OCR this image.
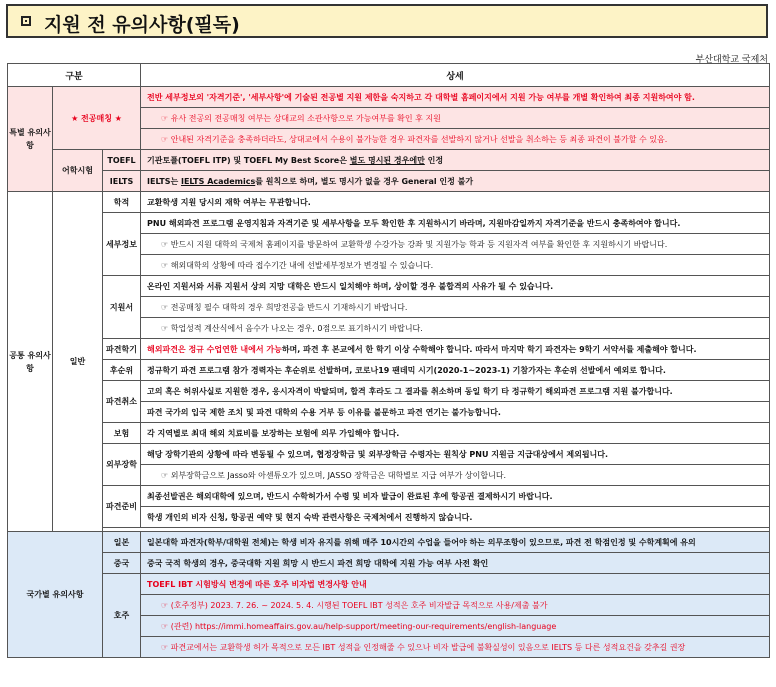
지원 전 유의사항(필독)
부산대학교 국제처
구분			상세
특별 유의사항	★ 전공매칭 ★		전반 세부정보의 '자격기준', '세부사항'에 기술된 전공별 지원 제한을 숙지하고 각 대학별 홈페이지에서 지원 가능 여부를 개별 확인하여 최종 지원하여야 함.
			☞ 유사 전공의 전공매칭 여부는 상대교의 소관사항으로 가능여부를 확인 후 지원
			☞ 안내된 자격기준을 충족하더라도, 상대교에서 수용이 불가능한 경우 파견자를 선발하지 않거나 선발을 취소하는 등 최종 파견이 불가할 수 있음.
	어학시험	TOEFL	기관토플(TOEFL ITP) 및 TOEFL My Best Score은 별도 명시된 경우에만 인정
		IELTS	IELTS는 IELTS Academics를 원칙으로 하며, 별도 명시가 없을 경우 General 인정 불가
공통 유의사항	일반	학적	교환학생 지원 당시의 재학 여부는 무관합니다.
		세부정보	PNU 해외파견 프로그램 운영지침과 자격기준 및 세부사항을 모두 확인한 후 지원하시기 바라며, 지원마감일까지 자격기준을 반드시 충족하여야 합니다.
			☞ 반드시 지원 대학의 국제처 홈페이지를 방문하여 교환학생 수강가능 강좌 및 지원가능 학과 등 지원자격 여부를 확인한 후 지원하시기 바랍니다.
			☞ 해외대학의 상황에 따라 접수기간 내에 선발세부정보가 변경될 수 있습니다.
		지원서	온라인 지원서와 서류 지원서 상의 지망 대학은 반드시 일치해야 하며, 상이할 경우 불합격의 사유가 될 수 있습니다.
			☞ 전공매칭 필수 대학의 경우 희망전공을 반드시 기재하시기 바랍니다.
			☞ 학업성적 계산식에서 음수가 나오는 경우, 0점으로 표기하시기 바랍니다.
		파견학기	해외파견은 정규 수업연한 내에서 가능하며, 파견 후 본교에서 한 학기 이상 수학해야 합니다. 따라서 마지막 학기 파견자는 9학기 서약서를 제출해야 합니다.
		후순위	정규학기 파견 프로그램 참가 경력자는 후순위로 선발하며, 코로나19 팬데믹 시기(2020-1~2023-1) 기참가자는 후순위 선발에서 예외로 합니다.
		파견취소	고의 혹은 허위사실로 지원한 경우, 응시자격이 박탈되며, 합격 후라도 그 결과를 취소하며 동일 학기 타 정규학기 해외파견 프로그램 지원 불가합니다.
			파견 국가의 입국 제한 조치 및 파견 대학의 수용 거부 등 이유를 불문하고 파견 연기는 불가능합니다.
		보험	각 지역별로 최대 해외 치료비를 보장하는 보험에 의무 가입해야 합니다.
		외부장학	해당 장학기관의 상황에 따라 변동될 수 있으며, 협정장학금 및 외부장학금 수령자는 원칙상 PNU 지원금 지급대상에서 제외됩니다.
			☞ 외부장학금으로 Jasso와 아센튜오가 있으며, JASSO 장학금은 대학별로 지급 여부가 상이합니다.
		파견준비	최종선발권은 해외대학에 있으며, 반드시 수학허가서 수령 및 비자 발급이 완료된 후에 항공권 결제하시기 바랍니다.
			학생 개인의 비자 신청, 항공권 예약 및 현지 숙박 관련사항은 국제처에서 진행하지 않습니다.

국가별 유의사항		일본	일본대학 파견자(학부/대학원 전체)는 학생 비자 유지를 위해 매주 10시간의 수업을 들어야 하는 의무조항이 있으므로, 파견 전 학점인정 및 수학계획에 유의
		중국	중국 국적 학생의 경우, 중국대학 지원 희망 시 반드시 파견 희망 대학에 지원 가능 여부 사전 확인
		호주	TOEFL IBT 시험방식 변경에 따른 호주 비자법 변경사항 안내
			☞ (호주정부) 2023. 7. 26. ~ 2024. 5. 4. 시행된 TOEFL IBT 성적은 호주 비자발급 목적으로 사용/제출 불가
			☞ (관련) https://immi.homeaffairs.gov.au/help-support/meeting-our-requirements/english-language
			☞ 파견교에서는 교환학생 허가 목적으로 모든 IBT 성적을 인정해줄 수 있으나 비자 발급에 불확실성이 있음으로 IELTS 등 다른 성적요건을 갖추길 권장
